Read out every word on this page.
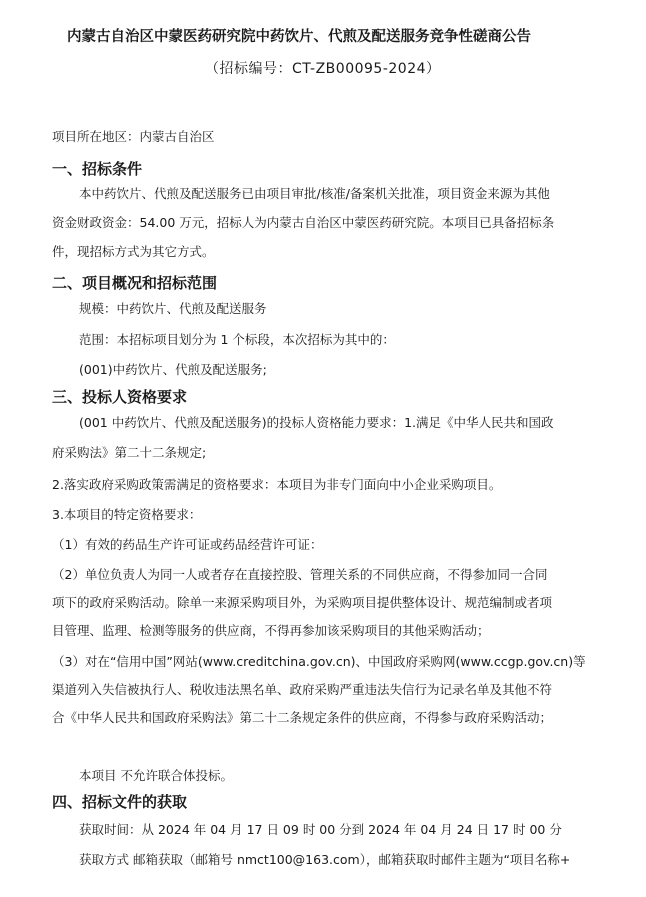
内蒙古自治区中蒙医药研究院中药饮片、代煎及配送服务竞争性磋商公告
（招标编号：CT-ZB00095-2024）
项目所在地区：内蒙古自治区
一、招标条件
本中药饮片、代煎及配送服务已由项目审批/核准/备案机关批准，项目资金来源为其他
资金财政资金：54.00 万元，招标人为内蒙古自治区中蒙医药研究院。本项目已具备招标条
件，现招标方式为其它方式。
二、项目概况和招标范围
规模：中药饮片、代煎及配送服务
范围：本招标项目划分为 1 个标段，本次招标为其中的：
(001)中药饮片、代煎及配送服务;
三、投标人资格要求
(001 中药饮片、代煎及配送服务)的投标人资格能力要求：1.满足《中华人民共和国政
府采购法》第二十二条规定;
2.落实政府采购政策需满足的资格要求：本项目为非专门面向中小企业采购项目。
3.本项目的特定资格要求：
（1）有效的药品生产许可证或药品经营许可证：
（2）单位负责人为同一人或者存在直接控股、管理关系的不同供应商，不得参加同一合同
项下的政府采购活动。除单一来源采购项目外，为采购项目提供整体设计、规范编制或者项
目管理、监理、检测等服务的供应商，不得再参加该采购项目的其他采购活动；
（3）对在“信用中国”网站(www.creditchina.gov.cn)、中国政府采购网(www.ccgp.gov.cn)等
渠道列入失信被执行人、税收违法黑名单、政府采购严重违法失信行为记录名单及其他不符
合《中华人民共和国政府采购法》第二十二条规定条件的供应商，不得参与政府采购活动；
本项目 不允许联合体投标。
四、招标文件的获取
获取时间：从 2024 年 04 月 17 日 09 时 00 分到 2024 年 04 月 24 日 17 时 00 分
获取方式 邮箱获取（邮箱号 nmct100@163.com），邮箱获取时邮件主题为“项目名称+
